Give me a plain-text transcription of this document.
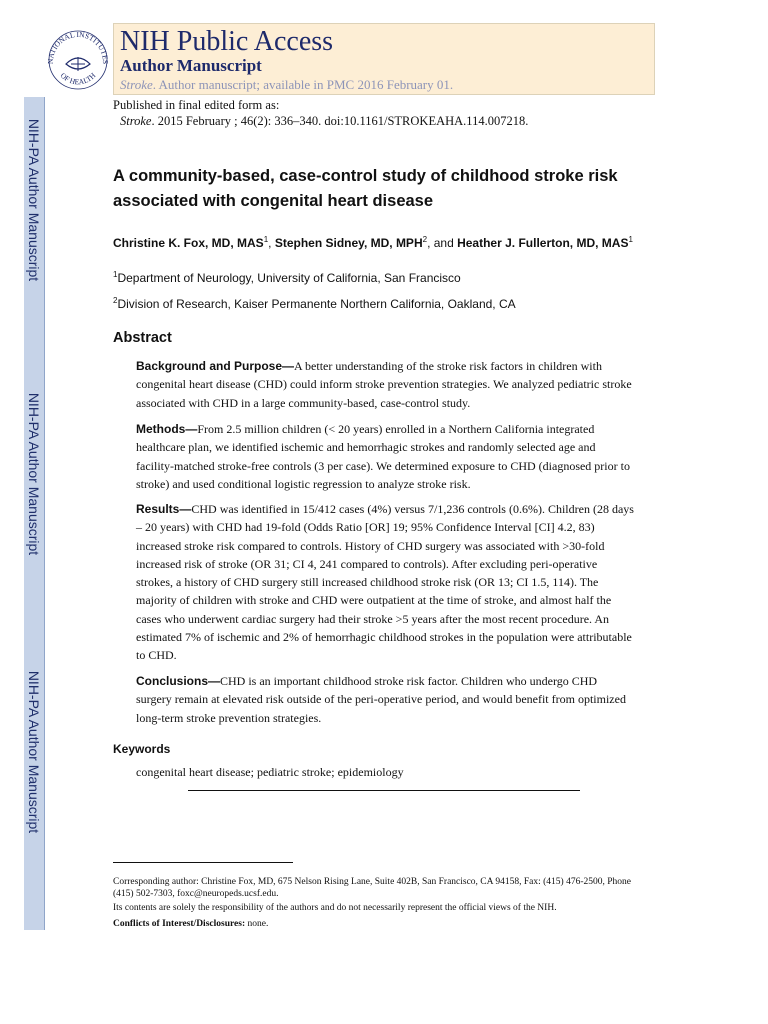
NIH-PA Author Manuscript
NIH-PA Author Manuscript
NIH-PA Author Manuscript
NATIONAL INSTITUTES
OF HEALTH
NIH Public Access
Author Manuscript
Stroke. Author manuscript; available in PMC 2016 February 01.
Published in final edited form as:
Stroke. 2015 February ; 46(2): 336–340. doi:10.1161/STROKEAHA.114.007218.
A community-based, case-control study of childhood stroke risk associated with congenital heart disease
Christine K. Fox, MD, MAS$^1$, Stephen Sidney, MD, MPH$^2$, and Heather J. Fullerton, MD, MAS$^1$
$^1$Department of Neurology, University of California, San Francisco
$^2$Division of Research, Kaiser Permanente Northern California, Oakland, CA
Abstract
Background and Purpose—A better understanding of the stroke risk factors in children with congenital heart disease (CHD) could inform stroke prevention strategies. We analyzed pediatric stroke associated with CHD in a large community-based, case-control study.
Methods—From 2.5 million children (< 20 years) enrolled in a Northern California integrated healthcare plan, we identified ischemic and hemorrhagic strokes and randomly selected age and facility-matched stroke-free controls (3 per case). We determined exposure to CHD (diagnosed prior to stroke) and used conditional logistic regression to analyze stroke risk.
Results—CHD was identified in 15/412 cases (4%) versus 7/1,236 controls (0.6%). Children (28 days – 20 years) with CHD had 19-fold (Odds Ratio [OR] 19; 95% Confidence Interval [CI] 4.2, 83) increased stroke risk compared to controls. History of CHD surgery was associated with >30-fold increased risk of stroke (OR 31; CI 4, 241 compared to controls). After excluding peri-operative strokes, a history of CHD surgery still increased childhood stroke risk (OR 13; CI 1.5, 114). The majority of children with stroke and CHD were outpatient at the time of stroke, and almost half the cases who underwent cardiac surgery had their stroke >5 years after the most recent procedure. An estimated 7% of ischemic and 2% of hemorrhagic childhood strokes in the population were attributable to CHD.
Conclusions—CHD is an important childhood stroke risk factor. Children who undergo CHD surgery remain at elevated risk outside of the peri-operative period, and would benefit from optimized long-term stroke prevention strategies.
Keywords
congenital heart disease; pediatric stroke; epidemiology
Corresponding author: Christine Fox, MD, 675 Nelson Rising Lane, Suite 402B, San Francisco, CA 94158, Fax: (415) 476-2500, Phone (415) 502-7303, foxc@neuropeds.ucsf.edu.
Its contents are solely the responsibility of the authors and do not necessarily represent the official views of the NIH.
Conflicts of Interest/Disclosures: none.
